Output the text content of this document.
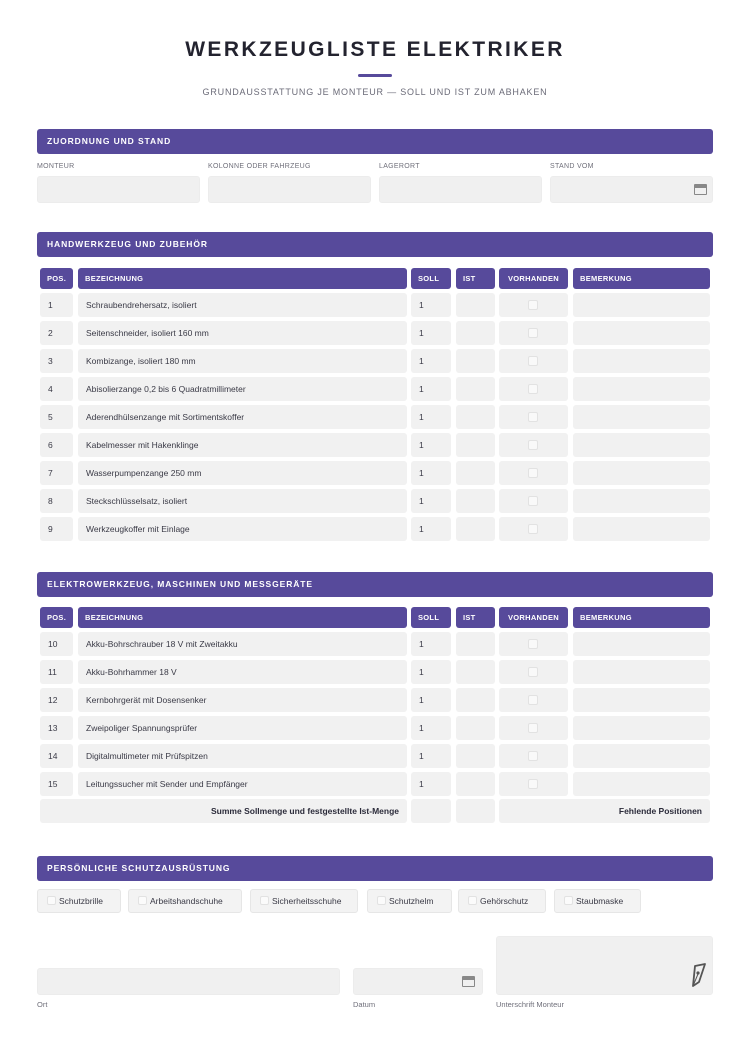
WERKZEUGLISTE ELEKTRIKER
GRUNDAUSSTATTUNG JE MONTEUR — SOLL UND IST ZUM ABHAKEN
ZUORDNUNG UND STAND
MONTEUR	KOLONNE ODER FAHRZEUG	LAGERORT	STAND VOM
HANDWERKZEUG UND ZUBEHÖR
POS.	BEZEICHNUNG	SOLL	IST	VORHANDEN	BEMERKUNG
1	Schraubendrehersatz, isoliert	1
2	Seitenschneider, isoliert 160 mm	1
3	Kombizange, isoliert 180 mm	1
4	Abisolierzange 0,2 bis 6 Quadratmillimeter	1
5	Aderendhülsenzange mit Sortimentskoffer	1
6	Kabelmesser mit Hakenklinge	1
7	Wasserpumpenzange 250 mm	1
8	Steckschlüsselsatz, isoliert	1
9	Werkzeugkoffer mit Einlage	1
ELEKTROWERKZEUG, MASCHINEN UND MESSGERÄTE
POS.	BEZEICHNUNG	SOLL	IST	VORHANDEN	BEMERKUNG
10	Akku-Bohrschrauber 18 V mit Zweitakku	1
11	Akku-Bohrhammer 18 V	1
12	Kernbohrgerät mit Dosensenker	1
13	Zweipoliger Spannungsprüfer	1
14	Digitalmultimeter mit Prüfspitzen	1
15	Leitungssucher mit Sender und Empfänger	1
Summe Sollmenge und festgestellte Ist-Menge	Fehlende Positionen
PERSÖNLICHE SCHUTZAUSRÜSTUNG
Schutzbrille	Arbeitshandschuhe	Sicherheitsschuhe	Schutzhelm	Gehörschutz	Staubmaske
Ort	Datum	Unterschrift Monteur
